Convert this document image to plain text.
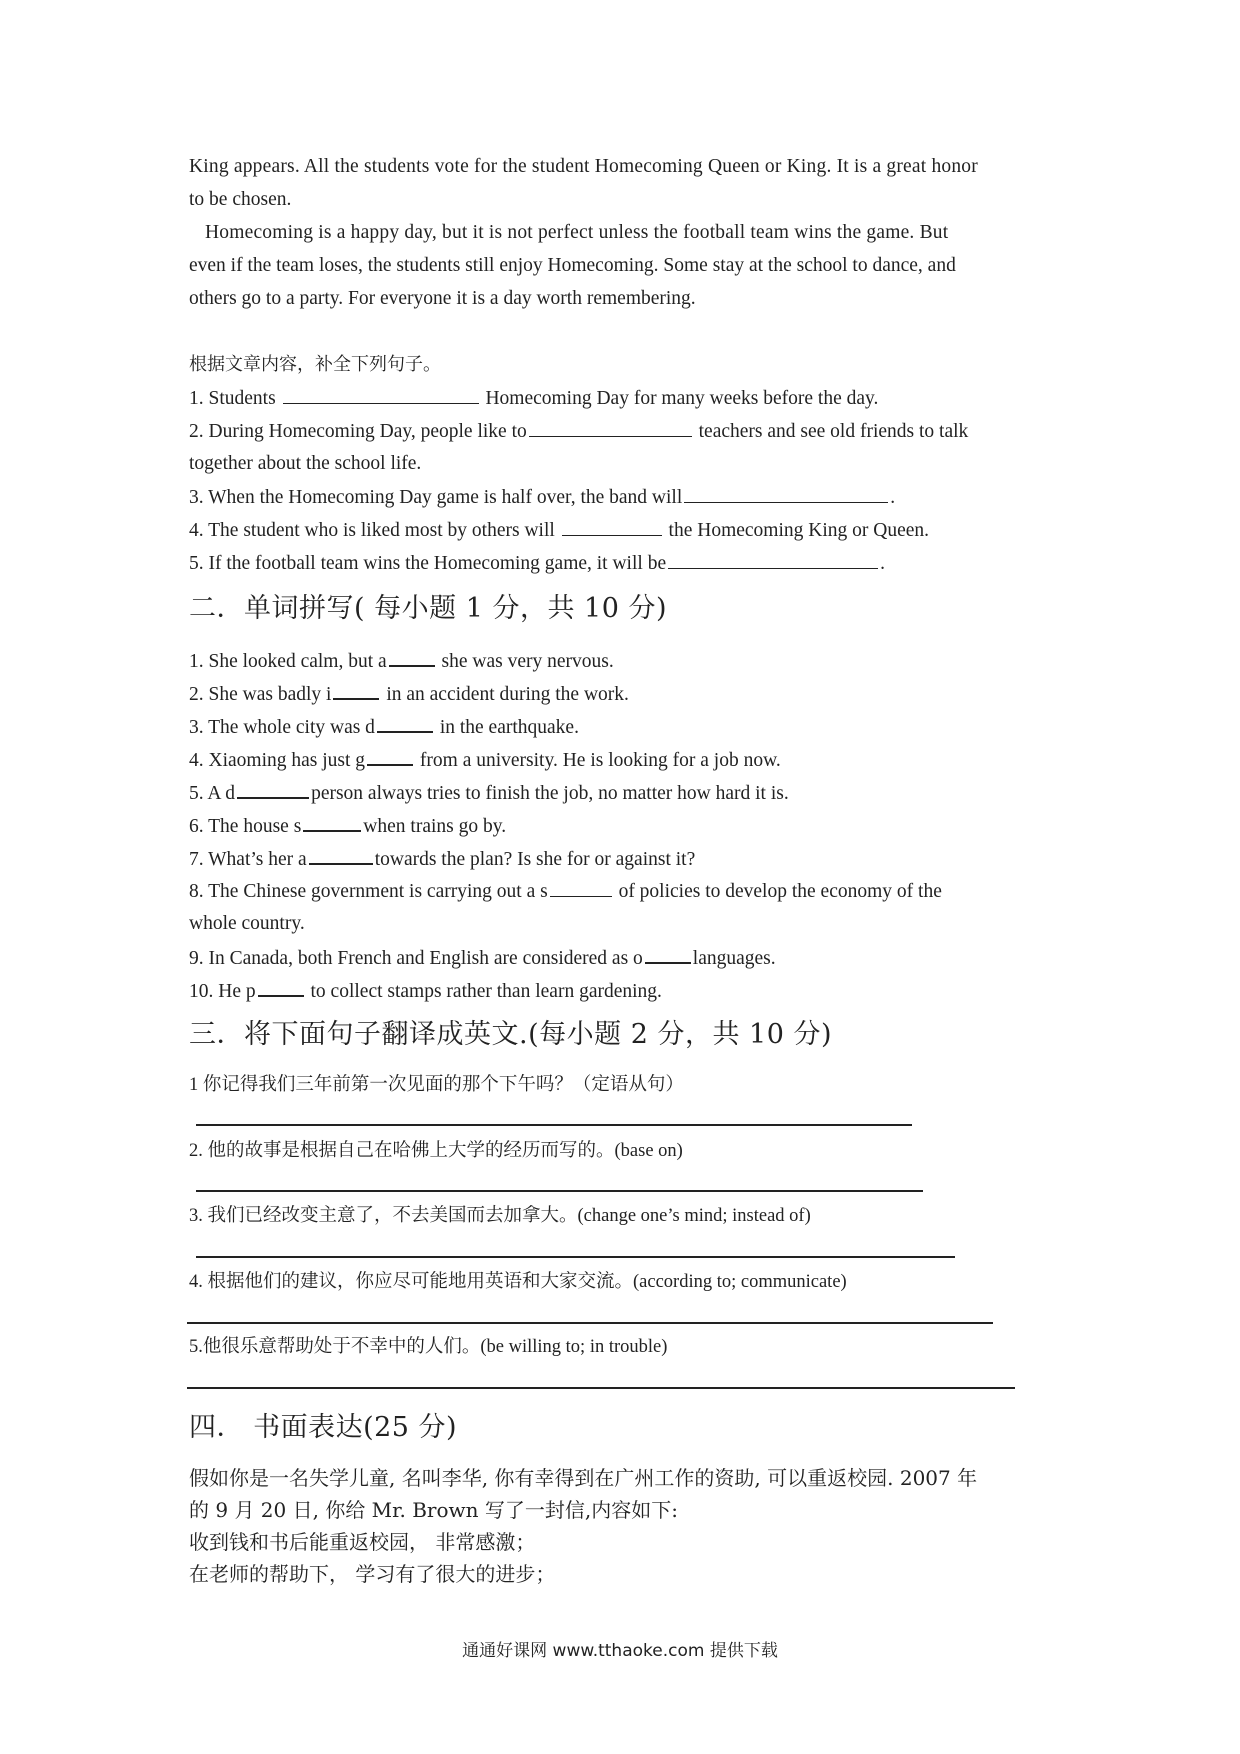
King appears. All the students vote for the student Homecoming Queen or King. It is a great honor
to be chosen.
Homecoming is a happy day, but it is not perfect unless the football team wins the game. But
even if the team loses, the students still enjoy Homecoming. Some stay at the school to dance, and
others go to a party. For everyone it is a day worth remembering.
根据文章内容，补全下列句子。
1. Students	Homecoming Day for many weeks before the day.
2. During Homecoming Day, people like to	teachers and see old friends to talk
together about the school life.
3. When the Homecoming Day game is half over, the band will	.
4. The student who is liked most by others will	the Homecoming King or Queen.
5. If the football team wins the Homecoming game, it will be	.
二．单词拼写( 每小题 1 分，共 10 分)
1. She looked calm, but a	she was very nervous.
2. She was badly i	in an accident during the work.
3. The whole city was d	in the earthquake.
4. Xiaoming has just g	from a university. He is looking for a job now.
5. A d	person always tries to finish the job, no matter how hard it is.
6. The house s	when trains go by.
7. What’s her a	towards the plan? Is she for or against it?
8. The Chinese government is carrying out a s	of policies to develop the economy of the
whole country.
9. In Canada, both French and English are considered as o	languages.
10. He p	to collect stamps rather than learn gardening.
三．将下面句子翻译成英文.(每小题 2 分，共 10 分)
1 你记得我们三年前第一次见面的那个下午吗？（定语从句）
2. 他的故事是根据自己在哈佛上大学的经历而写的。(base on)
3. 我们已经改变主意了，不去美国而去加拿大。(change one’s mind; instead of)
4. 根据他们的建议，你应尽可能地用英语和大家交流。(according to; communicate)
5.他很乐意帮助处于不幸中的人们。(be willing to; in trouble)
四． 书面表达(25 分)
假如你是一名失学儿童, 名叫李华, 你有幸得到在广州工作的资助, 可以重返校园. 2007 年
的 9 月 20 日, 你给 Mr. Brown 写了一封信,内容如下:
收到钱和书后能重返校园， 非常感激；
在老师的帮助下， 学习有了很大的进步；
通通好课网 www.tthaoke.com 提供下载
